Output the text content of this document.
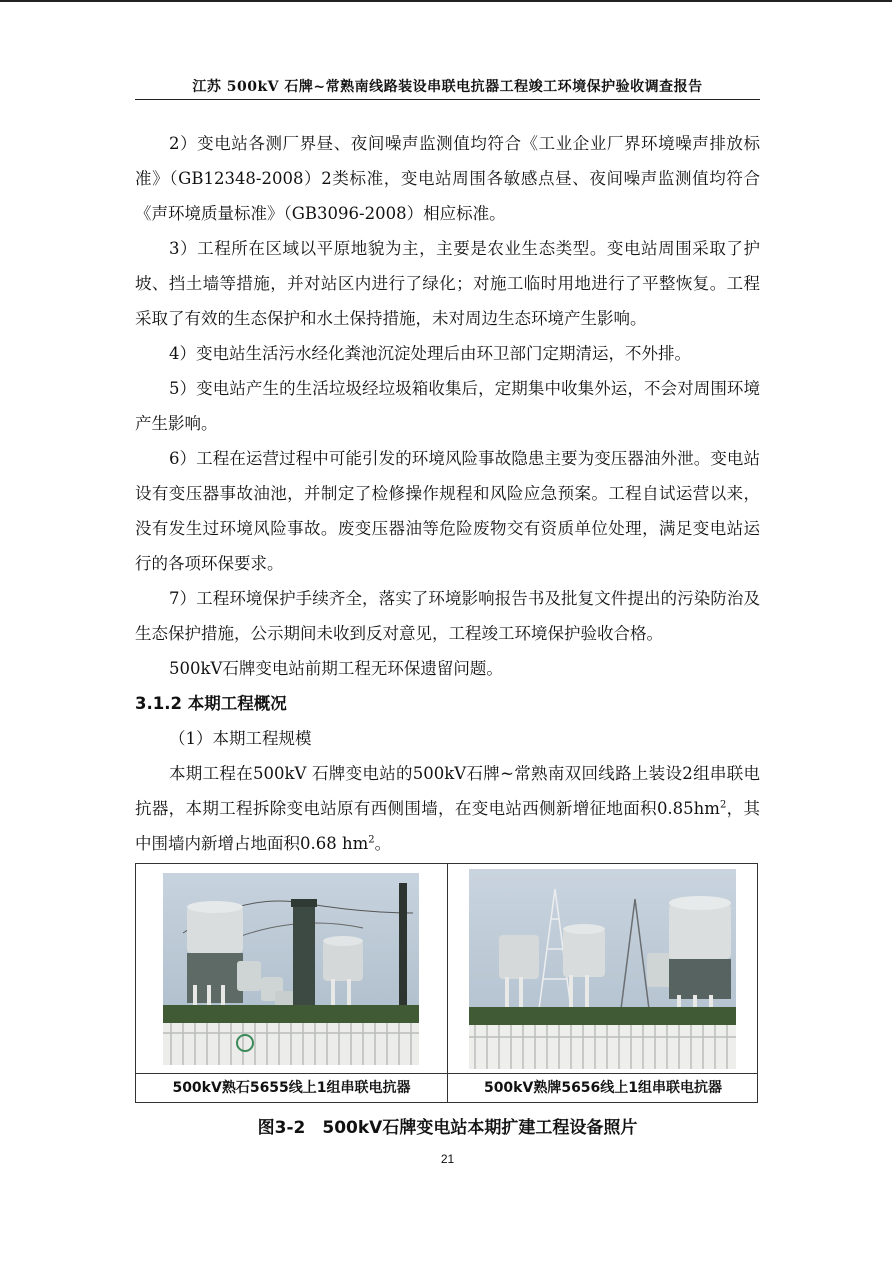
江苏 500kV 石牌~常熟南线路装设串联电抗器工程竣工环境保护验收调查报告

2）变电站各测厂界昼、夜间噪声监测值均符合《工业企业厂界环境噪声排放标准》（GB12348-2008）2类标准，变电站周围各敏感点昼、夜间噪声监测值均符合《声环境质量标准》（GB3096-2008）相应标准。

3）工程所在区域以平原地貌为主，主要是农业生态类型。变电站周围采取了护坡、挡土墙等措施，并对站区内进行了绿化；对施工临时用地进行了平整恢复。工程采取了有效的生态保护和水土保持措施，未对周边生态环境产生影响。

4）变电站生活污水经化粪池沉淀处理后由环卫部门定期清运，不外排。

5）变电站产生的生活垃圾经垃圾箱收集后，定期集中收集外运，不会对周围环境产生影响。

6）工程在运营过程中可能引发的环境风险事故隐患主要为变压器油外泄。变电站设有变压器事故油池，并制定了检修操作规程和风险应急预案。工程自试运营以来，没有发生过环境风险事故。废变压器油等危险废物交有资质单位处理，满足变电站运行的各项环保要求。

7）工程环境保护手续齐全，落实了环境影响报告书及批复文件提出的污染防治及生态保护措施，公示期间未收到反对意见，工程竣工环境保护验收合格。

500kV石牌变电站前期工程无环保遗留问题。

3.1.2 本期工程概况

（1）本期工程规模

本期工程在500kV 石牌变电站的500kV石牌~常熟南双回线路上装设2组串联电抗器，本期工程拆除变电站原有西侧围墙，在变电站西侧新增征地面积$0.85hm^2$，其中围墙内新增占地面积0.68 $hm^2$。

500kV熟石5655线上1组串联电抗器	500kV熟牌5656线上1组串联电抗器
图3-2　500kV石牌变电站本期扩建工程设备照片
21
